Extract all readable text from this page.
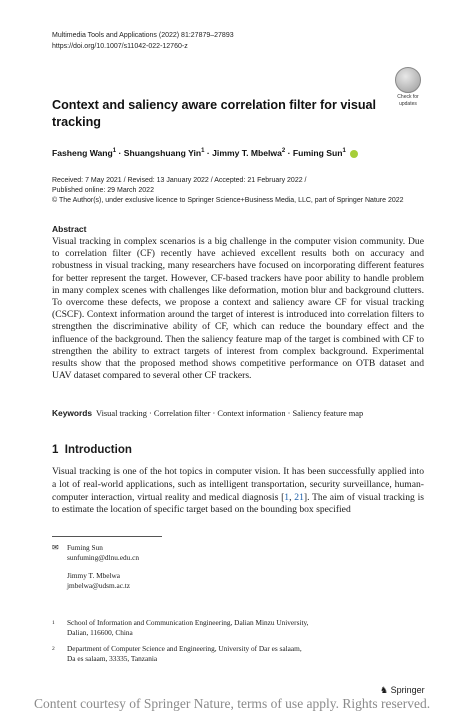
Multimedia Tools and Applications (2022) 81:27879–27893
https://doi.org/10.1007/s11042-022-12760-z
Check for
updates
Context and saliency aware correlation filter for visual tracking
Fasheng Wang$^1$ · Shuangshuang Yin$^1$ · Jimmy T. Mbelwa$^2$ · Fuming Sun$^1$
Received: 7 May 2021 / Revised: 13 January 2022 / Accepted: 21 February 2022 /
Published online: 29 March 2022
© The Author(s), under exclusive licence to Springer Science+Business Media, LLC, part of Springer Nature 2022
Abstract
Visual tracking in complex scenarios is a big challenge in the computer vision community. Due to correlation filter (CF) recently have achieved excellent results both on accuracy and robustness in visual tracking, many researchers have focused on incorporating different features for better represent the target. However, CF-based trackers have poor ability to handle problem in many complex scenes with challenges like deformation, motion blur and background clutters. To overcome these defects, we propose a context and saliency aware CF for visual tracking (CSCF). Context information around the target of interest is introduced into correlation filters to strengthen the discriminative ability of CF, which can reduce the boundary effect and the influence of the background. Then the saliency feature map of the target is combined with CF to strengthen the ability to extract targets of interest from complex background. Experimental results show that the proposed method shows competitive performance on OTB dataset and UAV dataset compared to several other CF trackers.
Keywords Visual tracking · Correlation filter · Context information · Saliency feature map
1 Introduction
Visual tracking is one of the hot topics in computer vision. It has been successfully applied into a lot of real-world applications, such as intelligent transportation, security surveillance, human-computer interaction, virtual reality and medical diagnosis [1, 21]. The aim of visual tracking is to estimate the location of specific target based on the bounding box specified
✉ Fuming Sun
sunfuming@dlnu.edu.cn
Jimmy T. Mbelwa
jmbelwa@udsm.ac.tz
1 School of Information and Communication Engineering, Dalian Minzu University,
Dalian, 116600, China
2 Department of Computer Science and Engineering, University of Dar es salaam,
Da es salaam, 33335, Tanzania
♞ Springer
Content courtesy of Springer Nature, terms of use apply. Rights reserved.
